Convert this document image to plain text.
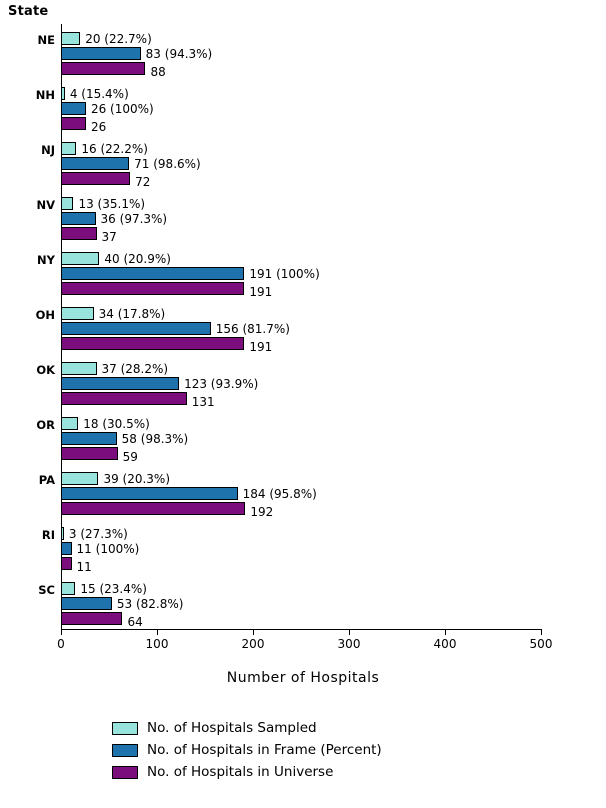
State
0	100	200	300	400	500
Number of Hospitals
No. of Hospitals Sampled
No. of Hospitals in Frame (Percent)
No. of Hospitals in Universe
NE	20 (22.7%)
83 (94.3%)
88
NH 4 (15.4%)
26 (100%)
26
NJ 16 (22.2%)
71 (98.6%)
72
NV 13 (35.1%)
36 (97.3%)
37
NY	40 (20.9%)
191 (100%)
191
OH	34 (17.8%)
156 (81.7%)
191
OK	37 (28.2%)
123 (93.9%)
131
OR 18 (30.5%)
58 (98.3%)
59
PA	39 (20.3%)
184 (95.8%)
192
RI 3 (27.3%)
11 (100%)
11
SC 15 (23.4%)
53 (82.8%)
64
